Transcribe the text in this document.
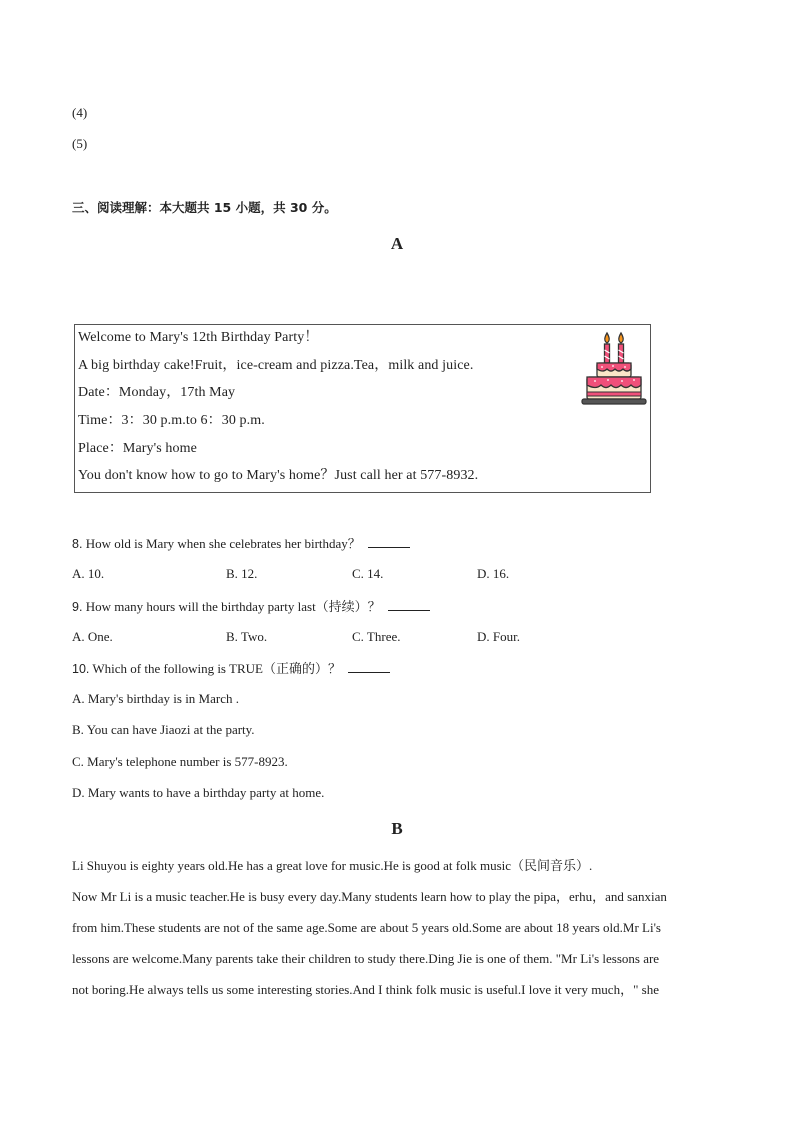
(4)
(5)
三、阅读理解：本大题共 15 小题，共 30 分。
A
Welcome to Mary's 12th Birthday Party！
A big birthday cake!Fruit，ice-cream and pizza.Tea，milk and juice.
Date：Monday，17th May
Time：3：30 p.m.to 6：30 p.m.
Place：Mary's home
You don't know how to go to Mary's home？Just call her at 577-8932.
8. How old is Mary when she celebrates her birthday？
A. 10.	B. 12.	C. 14.	D. 16.
9. How many hours will the birthday party last（持续）？
A. One.	B. Two.	C. Three.	D. Four.
10. Which of the following is TRUE（正确的）？
A. Mary's birthday is in March .
B. You can have Jiaozi at the party.
C. Mary's telephone number is 577-8923.
D. Mary wants to have a birthday party at home.
B
Li Shuyou is eighty years old.He has a great love for music.He is good at folk music（民间音乐）.
Now Mr Li is a music teacher.He is busy every day.Many students learn how to play the pipa，erhu，and sanxian
from him.These students are not of the same age.Some are about 5 years old.Some are about 18 years old.Mr Li's
lessons are welcome.Many parents take their children to study there.Ding Jie is one of them. "Mr Li's lessons are
not boring.He always tells us some interesting stories.And I think folk music is useful.I love it very much，" she
